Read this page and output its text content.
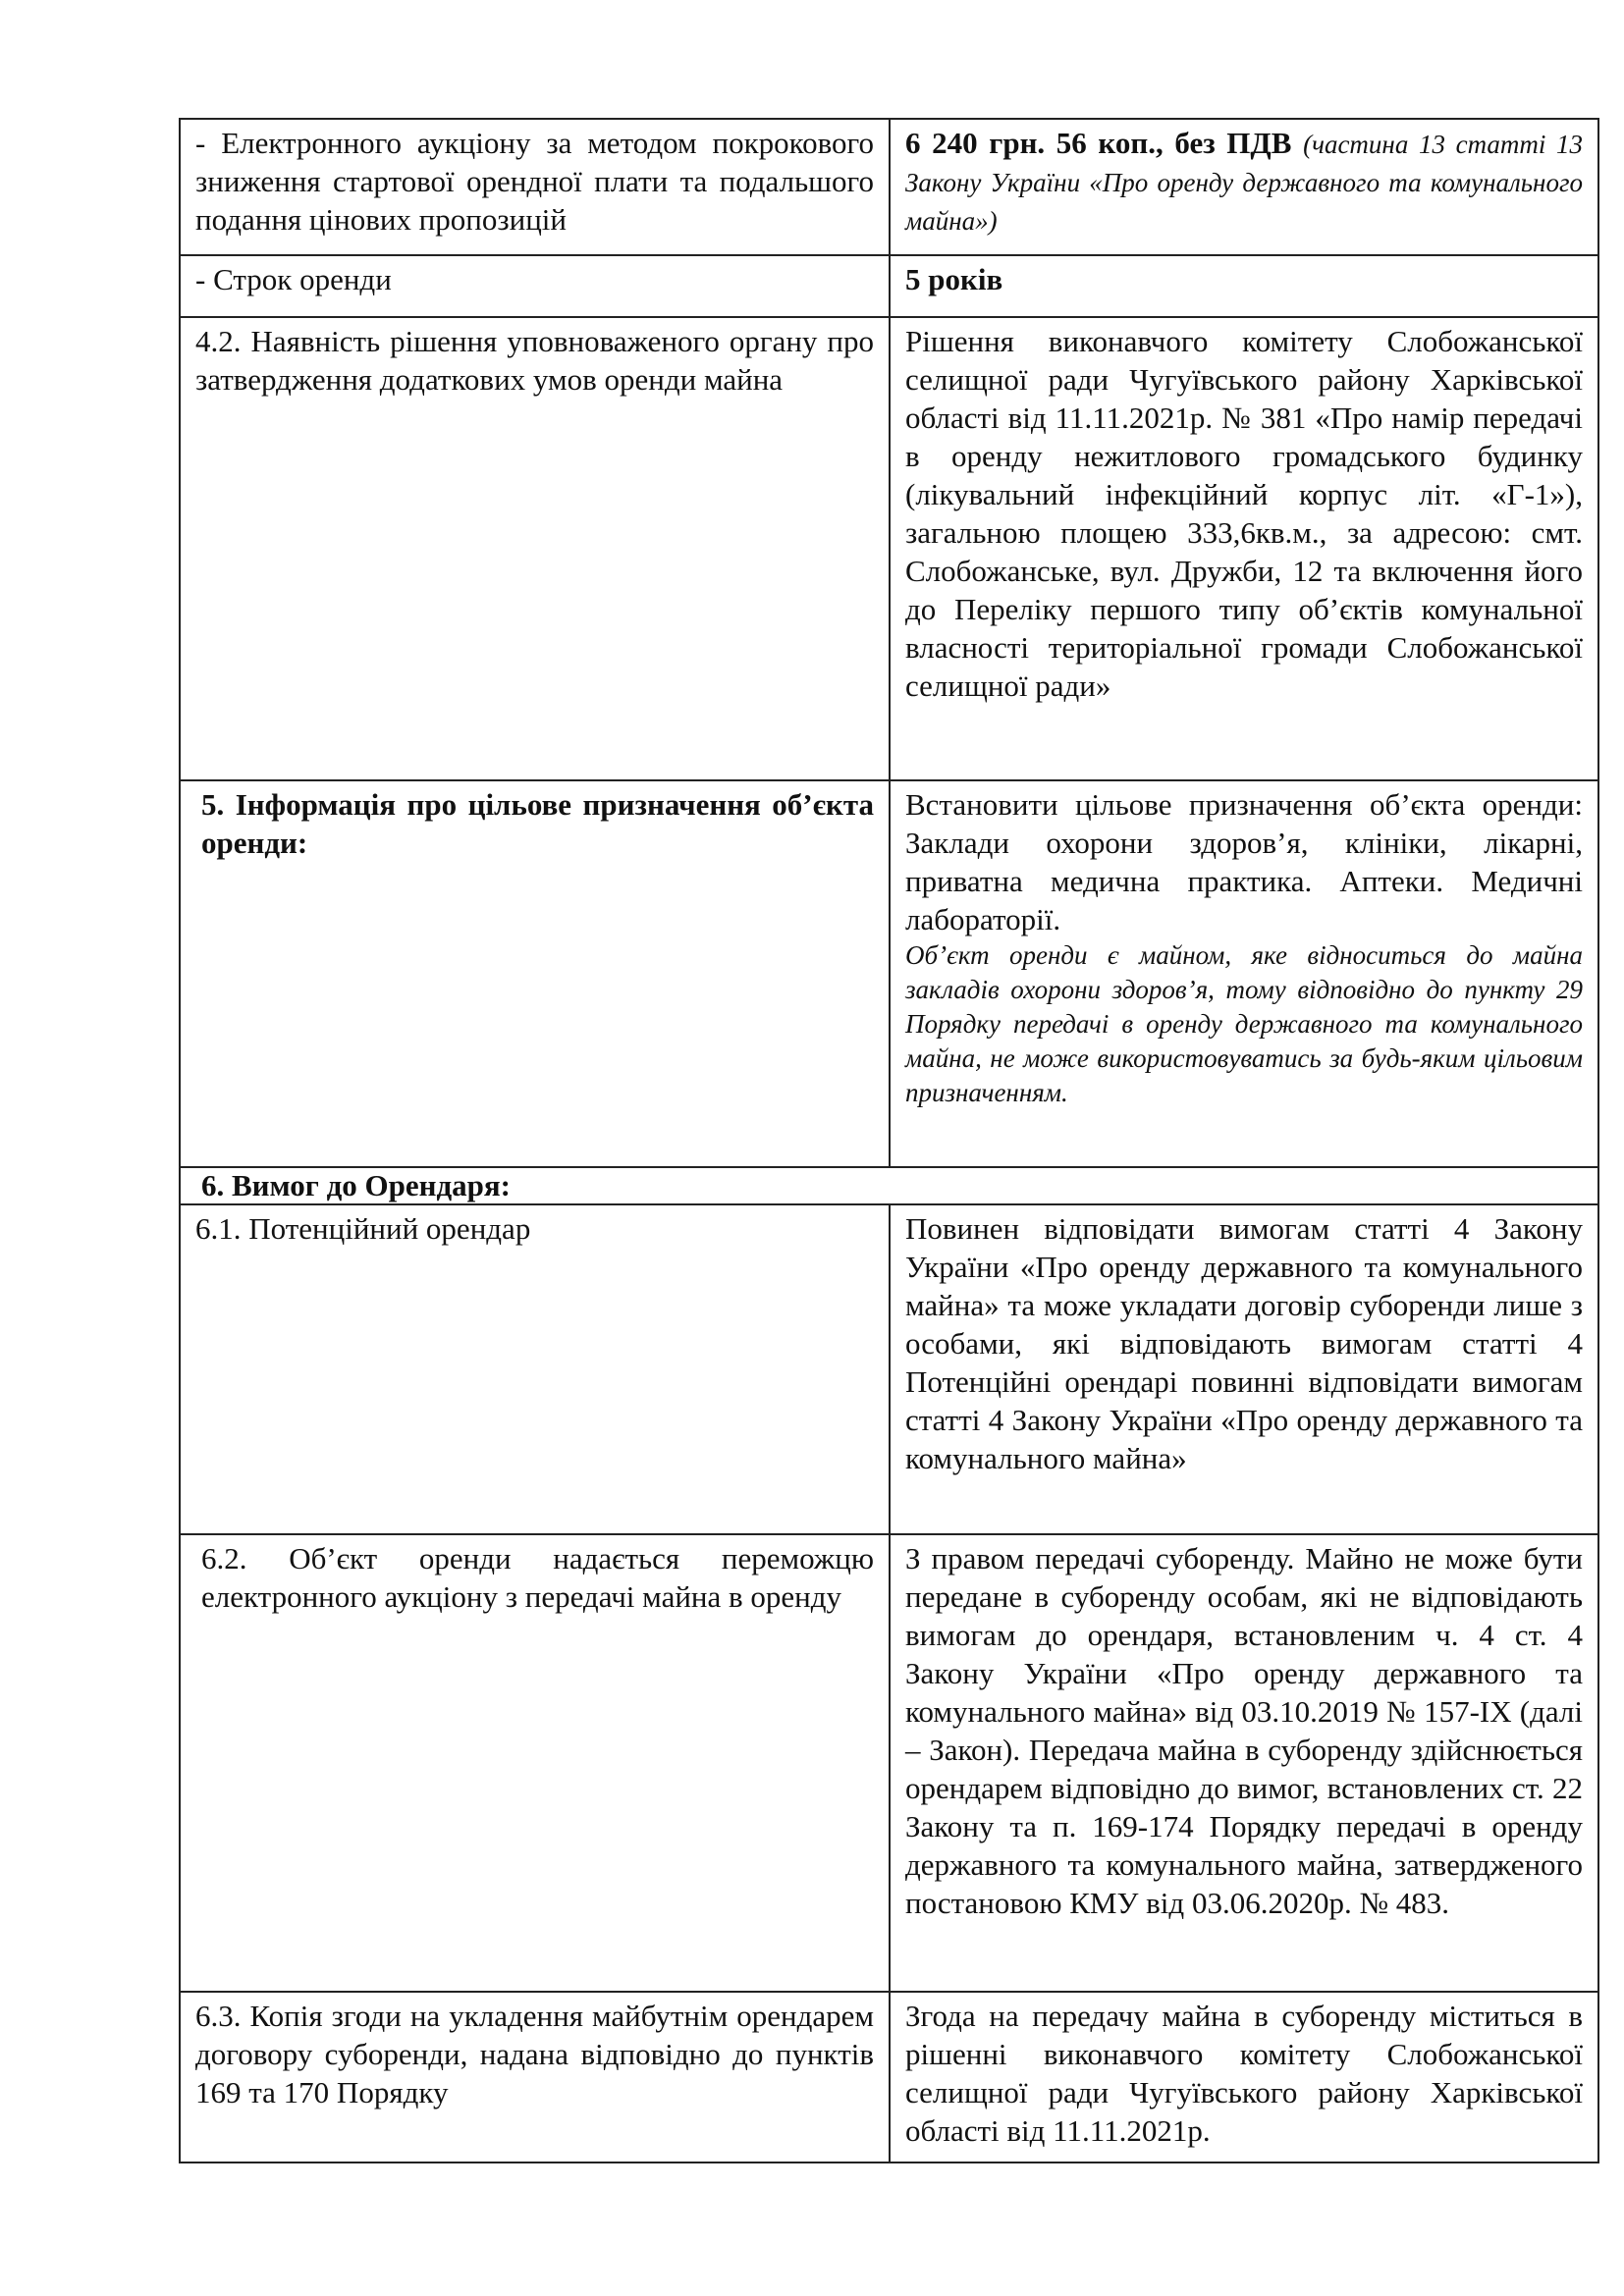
- Електронного аукціону за методом покрокового зниження стартової орендної плати та подальшого подання цінових пропозицій	6 240 грн. 56 коп., без ПДВ (частина 13 статті 13 Закону України «Про оренду державного та комунального майна»)

- Строк оренди	5 років

4.2. Наявність рішення уповноваженого органу про затвердження додаткових умов оренди майна	Рішення виконавчого комітету Слобожанської селищної ради Чугуївського району Харківської області від 11.11.2021р. № 381 «Про намір передачі в оренду нежитлового громадського будинку (лікувальний інфекційний корпус літ. «Г-1»), загальною площею 333,6кв.м., за адресою: смт. Слобожанське, вул. Дружби, 12 та включення його до Переліку першого типу об’єктів комунальної власності територіальної громади Слобожанської селищної ради»

5. Інформація про цільове призначення об’єкта оренди:	Встановити цільове призначення об’єкта оренди: Заклади охорони здоров’я, клініки, лікарні, приватна медична практика. Аптеки. Медичні лабораторії.

Об’єкт оренди є майном, яке відноситься до майна закладів охорони здоров’я, тому відповідно до пункту 29 Порядку передачі в оренду державного та комунального майна, не може використовуватись за будь-яким цільовим призначенням.

6. Вимог до Орендаря:	

6.1. Потенційний орендар	Повинен відповідати вимогам статті 4 Закону України «Про оренду державного та комунального майна» та може укладати договір суборенди лише з особами, які відповідають вимогам статті 4 Потенційні орендарі повинні відповідати вимогам статті 4 Закону України «Про оренду державного та комунального майна»

6.2. Об’єкт оренди надається переможцю електронного аукціону з передачі майна в оренду	З правом передачі суборенду. Майно не може бути передане в суборенду особам, які не відповідають вимогам до орендаря, встановленим ч. 4 ст. 4 Закону України «Про оренду державного та комунального майна» від 03.10.2019 № 157-IX (далі – Закон). Передача майна в суборенду здійснюється орендарем відповідно до вимог, встановлених ст. 22 Закону та п. 169-174 Порядку передачі в оренду державного та комунального майна, затвердженого постановою КМУ від 03.06.2020р. № 483.

6.3. Копія згоди на укладення майбутнім орендарем договору суборенди, надана відповідно до пунктів 169 та 170 Порядку	Згода на передачу майна в суборенду міститься в рішенні виконавчого комітету Слобожанської селищної ради Чугуївського району Харківської області від 11.11.2021р.
